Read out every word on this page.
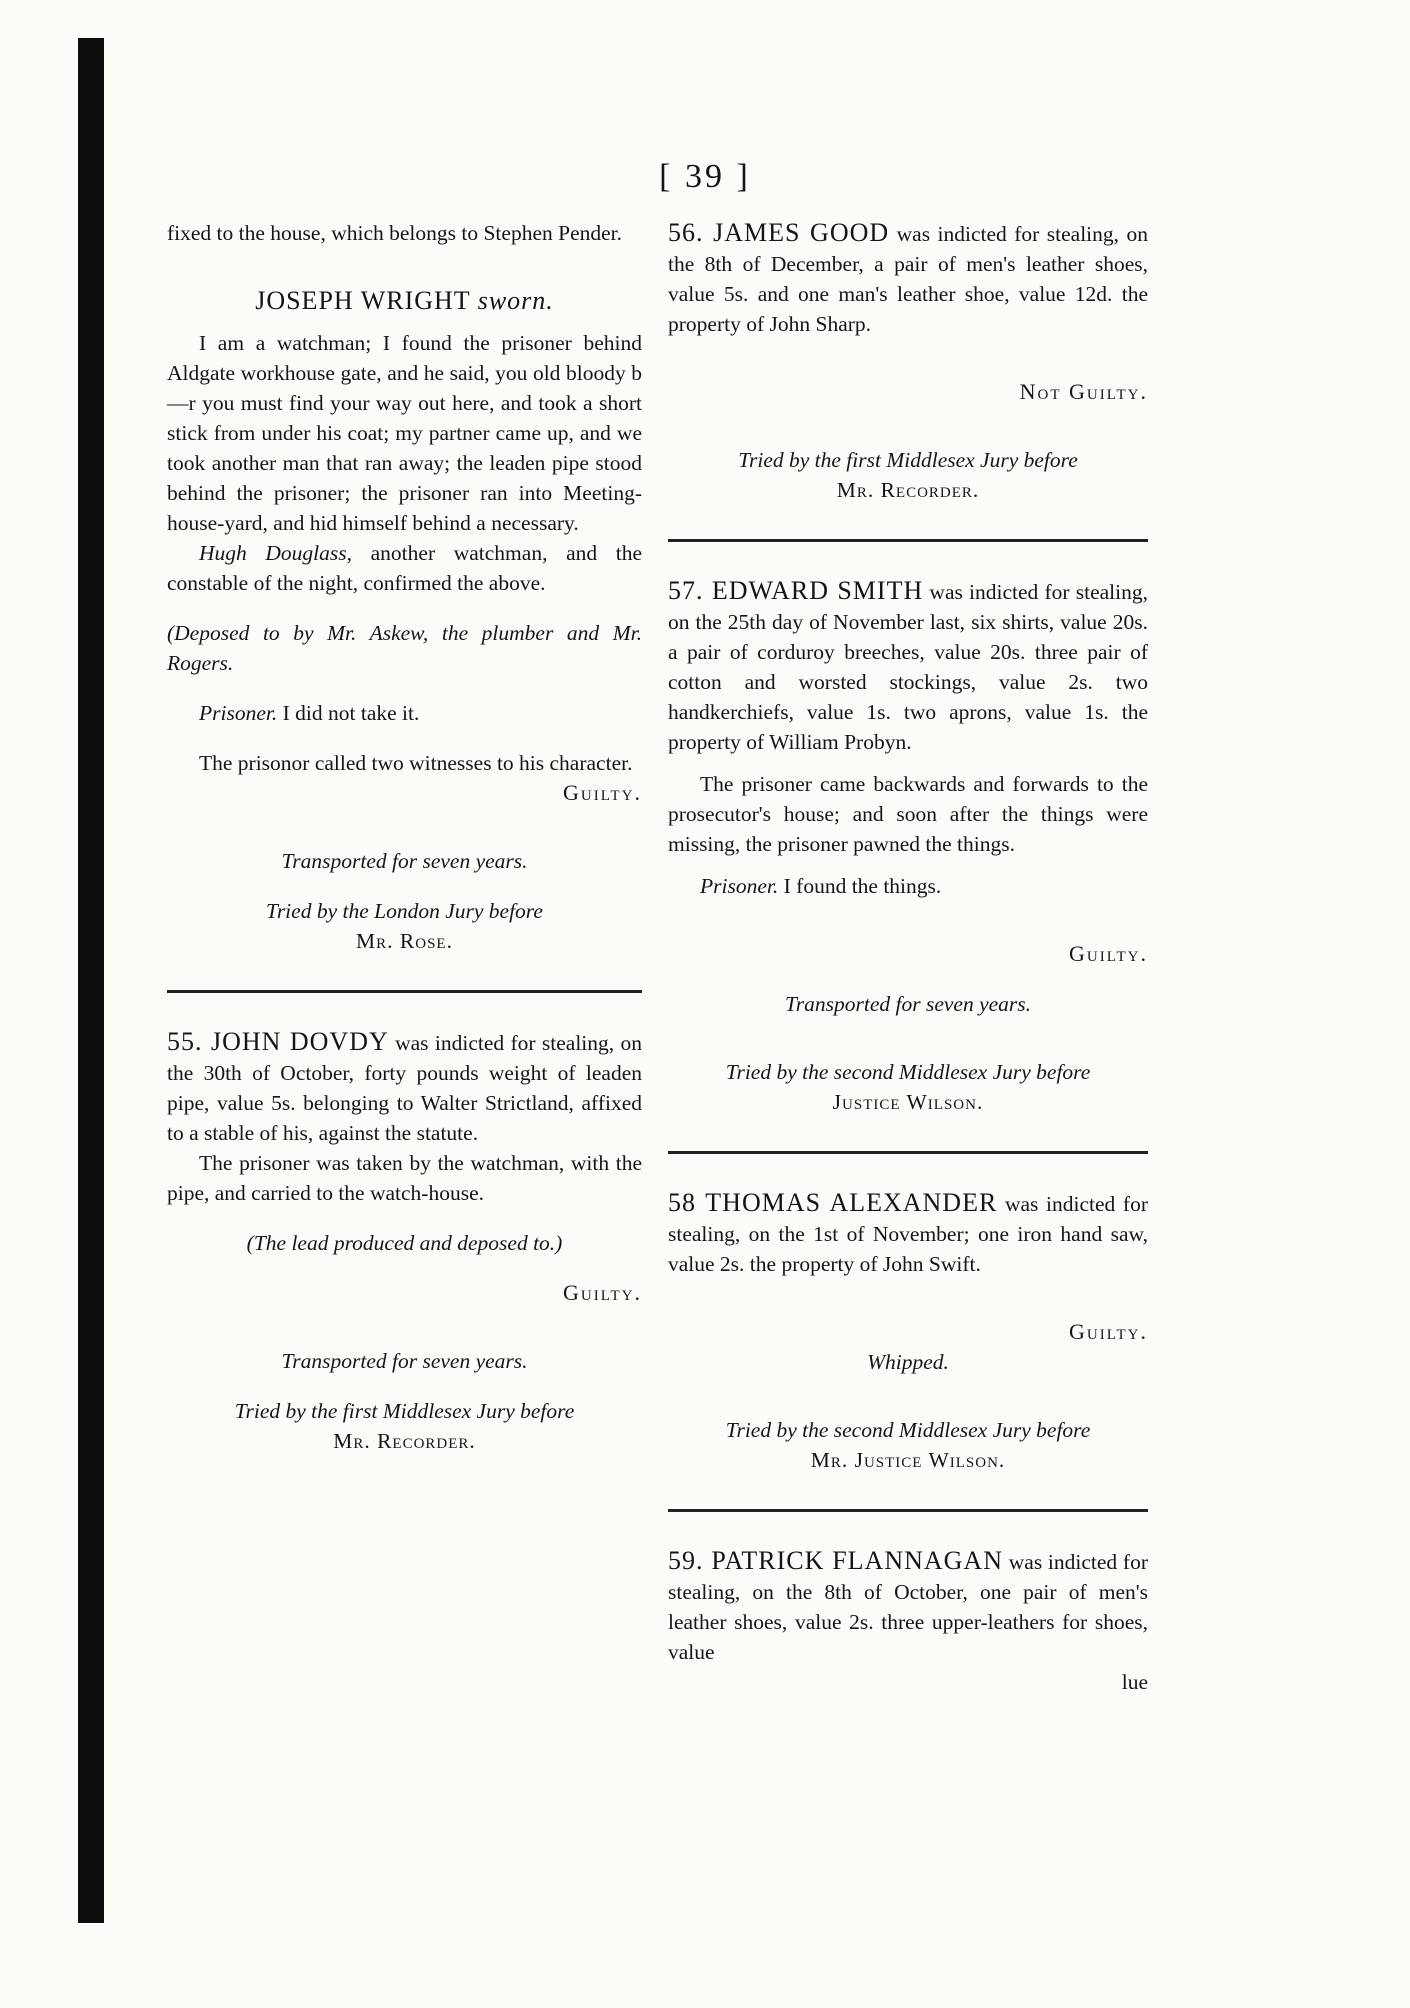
[ 39 ]

fixed to the house, which belongs to Stephen Pender.

JOSEPH WRIGHT sworn.

I am a watchman; I found the prisoner behind Aldgate workhouse gate, and he said, you old bloody b—r you must find your way out here, and took a short stick from under his coat; my partner came up, and we took another man that ran away; the leaden pipe stood behind the prisoner; the prisoner ran into Meeting-house-yard, and hid himself behind a necessary.

Hugh Douglass, another watchman, and the constable of the night, confirmed the above.

(Deposed to by Mr. Askew, the plumber and Mr. Rogers.

Prisoner. I did not take it.

The prisonor called two witnesses to his character.

Guilty.

Transported for seven years.

Tried by the London Jury before

Mr. Rose.

55. JOHN DOVDY was indicted for stealing, on the 30th of October, forty pounds weight of leaden pipe, value 5s. belonging to Walter Strictland, affixed to a stable of his, against the statute.

The prisoner was taken by the watchman, with the pipe, and carried to the watch-house.

(The lead produced and deposed to.)

Guilty.

Transported for seven years.

Tried by the first Middlesex Jury before

Mr. Recorder.

56. JAMES GOOD was indicted for stealing, on the 8th of December, a pair of men's leather shoes, value 5s. and one man's leather shoe, value 12d. the property of John Sharp.

Not Guilty.

Tried by the first Middlesex Jury before

Mr. Recorder.

57. EDWARD SMITH was indicted for stealing, on the 25th day of November last, six shirts, value 20s. a pair of corduroy breeches, value 20s. three pair of cotton and worsted stockings, value 2s. two handkerchiefs, value 1s. two aprons, value 1s. the property of William Probyn.

The prisoner came backwards and forwards to the prosecutor's house; and soon after the things were missing, the prisoner pawned the things.

Prisoner. I found the things.

Guilty.

Transported for seven years.

Tried by the second Middlesex Jury before

Justice Wilson.

58 THOMAS ALEXANDER was indicted for stealing, on the 1st of November; one iron hand saw, value 2s. the property of John Swift.

Guilty.

Whipped.

Tried by the second Middlesex Jury before

Mr. Justice Wilson.

59. PATRICK FLANNAGAN was indicted for stealing, on the 8th of October, one pair of men's leather shoes, value 2s. three upper-leathers for shoes, value

lue
